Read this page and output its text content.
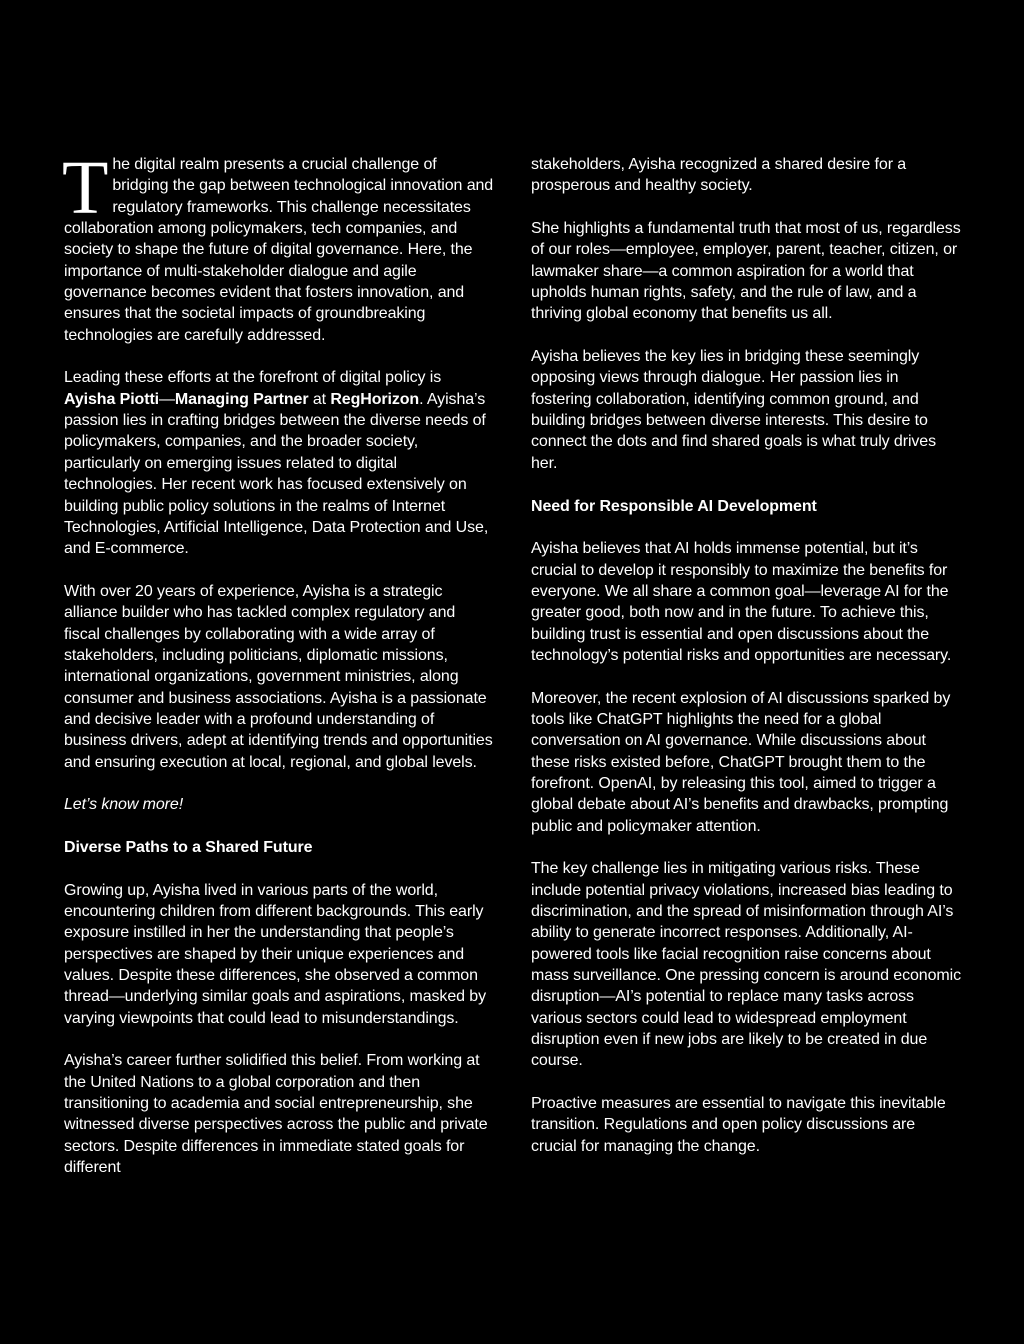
The digital realm presents a crucial challenge of bridging the gap between technological innovation and regulatory frameworks. This challenge necessitates collaboration among policymakers, tech companies, and society to shape the future of digital governance. Here, the importance of multi-stakeholder dialogue and agile governance becomes evident that fosters innovation, and ensures that the societal impacts of groundbreaking technologies are carefully addressed.

Leading these efforts at the forefront of digital policy is Ayisha Piotti—Managing Partner at RegHorizon. Ayisha’s passion lies in crafting bridges between the diverse needs of policymakers, companies, and the broader society, particularly on emerging issues related to digital technologies. Her recent work has focused extensively on building public policy solutions in the realms of Internet Technologies, Artificial Intelligence, Data Protection and Use, and E-commerce.

With over 20 years of experience, Ayisha is a strategic alliance builder who has tackled complex regulatory and fiscal challenges by collaborating with a wide array of stakeholders, including politicians, diplomatic missions, international organizations, government ministries, along consumer and business associations. Ayisha is a passionate and decisive leader with a profound understanding of business drivers, adept at identifying trends and opportunities and ensuring execution at local, regional, and global levels.

Let’s know more!

Diverse Paths to a Shared Future

Growing up, Ayisha lived in various parts of the world, encountering children from different backgrounds. This early exposure instilled in her the understanding that people’s perspectives are shaped by their unique experiences and values. Despite these differences, she observed a common thread—underlying similar goals and aspirations, masked by varying viewpoints that could lead to misunderstandings.

Ayisha’s career further solidified this belief. From working at the United Nations to a global corporation and then transitioning to academia and social entrepreneurship, she witnessed diverse perspectives across the public and private sectors. Despite differences in immediate stated goals for different

stakeholders, Ayisha recognized a shared desire for a prosperous and healthy society.

She highlights a fundamental truth that most of us, regardless of our roles—employee, employer, parent, teacher, citizen, or lawmaker share—a common aspiration for a world that upholds human rights, safety, and the rule of law, and a thriving global economy that benefits us all.

Ayisha believes the key lies in bridging these seemingly opposing views through dialogue. Her passion lies in fostering collaboration, identifying common ground, and building bridges between diverse interests. This desire to connect the dots and find shared goals is what truly drives her.

Need for Responsible AI Development

Ayisha believes that AI holds immense potential, but it’s crucial to develop it responsibly to maximize the benefits for everyone. We all share a common goal—leverage AI for the greater good, both now and in the future. To achieve this, building trust is essential and open discussions about the technology’s potential risks and opportunities are necessary.

Moreover, the recent explosion of AI discussions sparked by tools like ChatGPT highlights the need for a global conversation on AI governance. While discussions about these risks existed before, ChatGPT brought them to the forefront. OpenAI, by releasing this tool, aimed to trigger a global debate about AI’s benefits and drawbacks, prompting public and policymaker attention.

The key challenge lies in mitigating various risks. These include potential privacy violations, increased bias leading to discrimination, and the spread of misinformation through AI’s ability to generate incorrect responses. Additionally, AI-powered tools like facial recognition raise concerns about mass surveillance. One pressing concern is around economic disruption—AI’s potential to replace many tasks across various sectors could lead to widespread employment disruption even if new jobs are likely to be created in due course.

Proactive measures are essential to navigate this inevitable transition. Regulations and open policy discussions are crucial for managing the change.
